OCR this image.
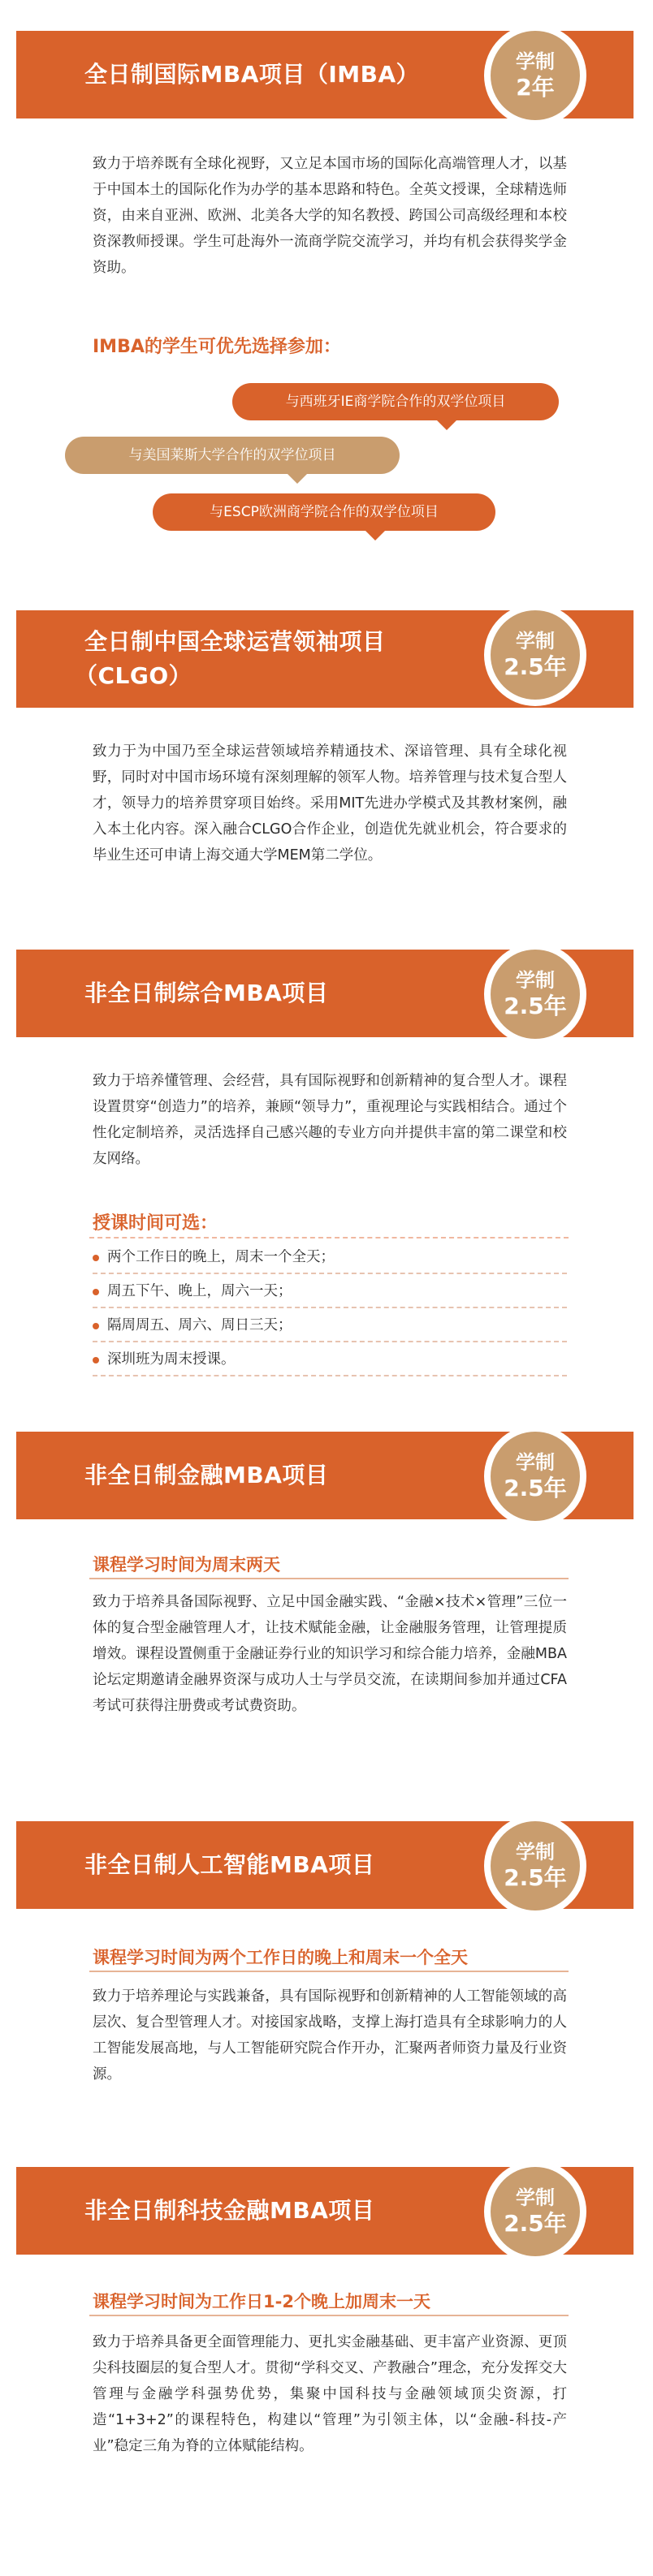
全日制国际MBA项目（IMBA）	学制
2年

致力于培养既有全球化视野，又立足本国市场的国际化高端管理人才，以基于中国本土的国际化作为办学的基本思路和特色。全英文授课，全球精选师资，由来自亚洲、欧洲、北美各大学的知名教授、跨国公司高级经理和本校资深教师授课。学生可赴海外一流商学院交流学习，并均有机会获得奖学金资助。

IMBA的学生可优先选择参加：
与西班牙IE商学院合作的双学位项目
与美国莱斯大学合作的双学位项目
与ESCP欧洲商学院合作的双学位项目
全日制中国全球运营领袖项目
（CLGO）
学制
2.5年

致力于为中国乃至全球运营领域培养精通技术、深谙管理、具有全球化视野，同时对中国市场环境有深刻理解的领军人物。培养管理与技术复合型人才，领导力的培养贯穿项目始终。采用MIT先进办学模式及其教材案例，融入本土化内容。深入融合CLGO合作企业，创造优先就业机会，符合要求的毕业生还可申请上海交通大学MEM第二学位。

非全日制综合MBA项目	学制
2.5年

致力于培养懂管理、会经营，具有国际视野和创新精神的复合型人才。课程设置贯穿“创造力”的培养，兼顾“领导力”，重视理论与实践相结合。通过个性化定制培养，灵活选择自己感兴趣的专业方向并提供丰富的第二课堂和校友网络。

授课时间可选：
两个工作日的晚上，周末一个全天；
周五下午、晚上，周六一天；
隔周周五、周六、周日三天；
深圳班为周末授课。
非全日制金融MBA项目	学制
2.5年
课程学习时间为周末两天

致力于培养具备国际视野、立足中国金融实践、“金融×技术×管理”三位一体的复合型金融管理人才，让技术赋能金融，让金融服务管理，让管理提质增效。课程设置侧重于金融证券行业的知识学习和综合能力培养，金融MBA论坛定期邀请金融界资深与成功人士与学员交流，在读期间参加并通过CFA考试可获得注册费或考试费资助。

非全日制人工智能MBA项目	学制
2.5年
课程学习时间为两个工作日的晚上和周末一个全天

致力于培养理论与实践兼备，具有国际视野和创新精神的人工智能领域的高层次、复合型管理人才。对接国家战略，支撑上海打造具有全球影响力的人工智能发展高地，与人工智能研究院合作开办，汇聚两者师资力量及行业资源。

非全日制科技金融MBA项目	学制
2.5年
课程学习时间为工作日1-2个晚上加周末一天

致力于培养具备更全面管理能力、更扎实金融基础、更丰富产业资源、更顶尖科技圈层的复合型人才。贯彻“学科交叉、产教融合”理念，充分发挥交大管理与金融学科强势优势，集聚中国科技与金融领域顶尖资源，打造“1+3+2”的课程特色，构建以“管理”为引领主体，以“金融-科技-产业”稳定三角为脊的立体赋能结构。
